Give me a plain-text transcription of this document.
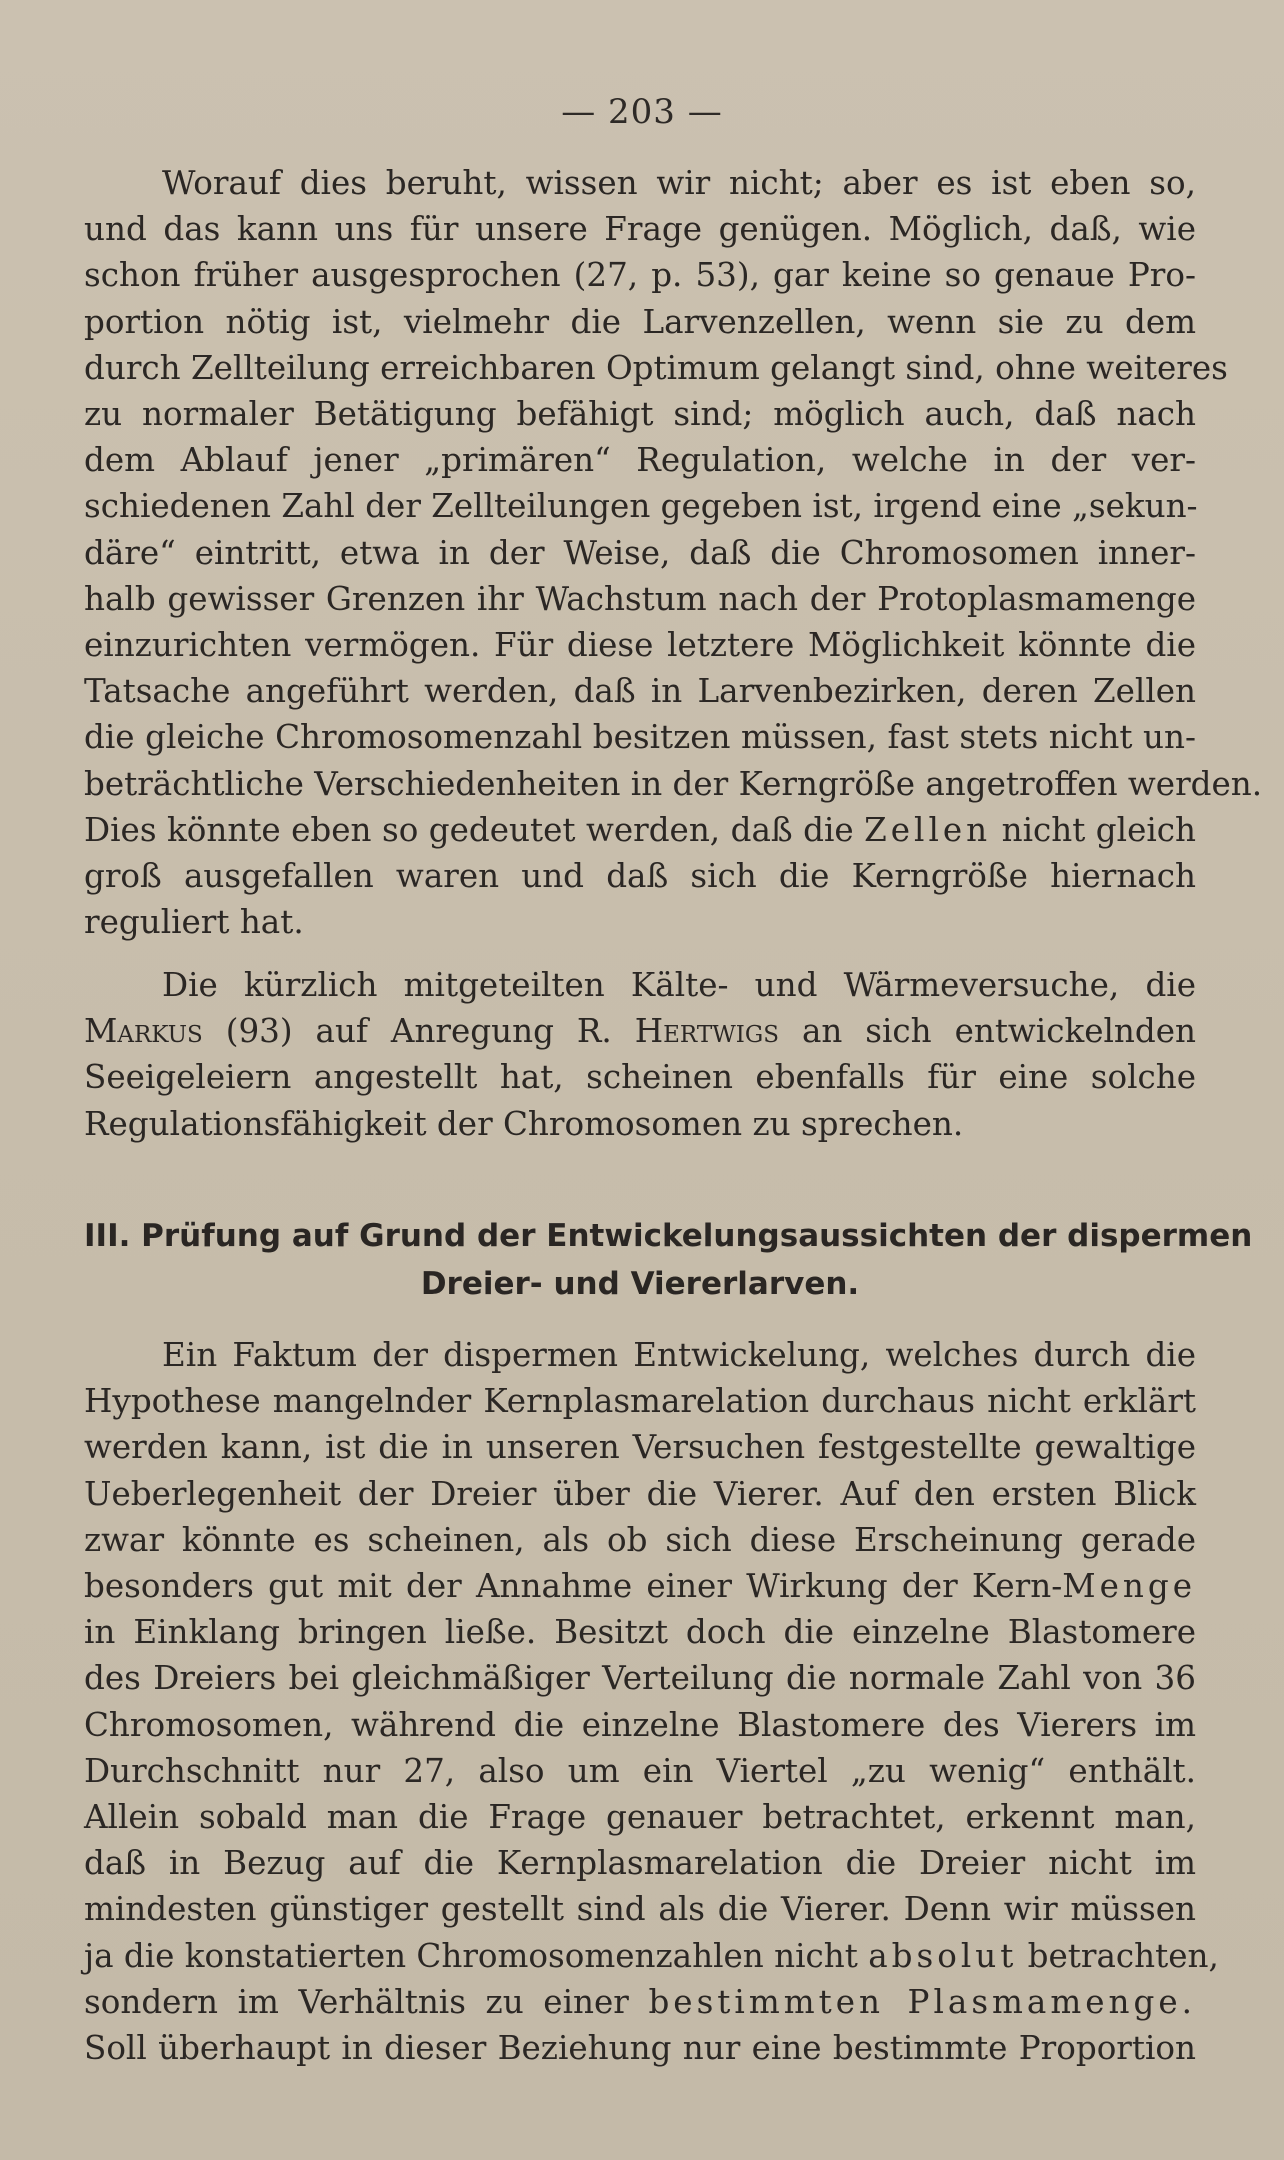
— 203 —
Worauf dies beruht, wissen wir nicht; aber es ist eben so,
und das kann uns für unsere Frage genügen. Möglich, daß, wie
schon früher ausgesprochen (27, p. 53), gar keine so genaue Pro-
portion nötig ist, vielmehr die Larvenzellen, wenn sie zu dem
durch Zellteilung erreichbaren Optimum gelangt sind, ohne weiteres
zu normaler Betätigung befähigt sind; möglich auch, daß nach
dem Ablauf jener „primären“ Regulation, welche in der ver-
schiedenen Zahl der Zellteilungen gegeben ist, irgend eine „sekun-
däre“ eintritt, etwa in der Weise, daß die Chromosomen inner-
halb gewisser Grenzen ihr Wachstum nach der Protoplasmamenge
einzurichten vermögen. Für diese letztere Möglichkeit könnte die
Tatsache angeführt werden, daß in Larvenbezirken, deren Zellen
die gleiche Chromosomenzahl besitzen müssen, fast stets nicht un-
beträchtliche Verschiedenheiten in der Kerngröße angetroffen werden.
Dies könnte eben so gedeutet werden, daß die Zellen nicht gleich
groß ausgefallen waren und daß sich die Kerngröße hiernach
reguliert hat.
Die kürzlich mitgeteilten Kälte- und Wärmeversuche, die
Markus (93) auf Anregung R. Hertwigs an sich entwickelnden
Seeigeleiern angestellt hat, scheinen ebenfalls für eine solche
Regulationsfähigkeit der Chromosomen zu sprechen.
III. Prüfung auf Grund der Entwickelungsaussichten der dispermen
Dreier- und Viererlarven.
Ein Faktum der dispermen Entwickelung, welches durch die
Hypothese mangelnder Kernplasmarelation durchaus nicht erklärt
werden kann, ist die in unseren Versuchen festgestellte gewaltige
Ueberlegenheit der Dreier über die Vierer. Auf den ersten Blick
zwar könnte es scheinen, als ob sich diese Erscheinung gerade
besonders gut mit der Annahme einer Wirkung der Kern-Menge
in Einklang bringen ließe. Besitzt doch die einzelne Blastomere
des Dreiers bei gleichmäßiger Verteilung die normale Zahl von 36
Chromosomen, während die einzelne Blastomere des Vierers im
Durchschnitt nur 27, also um ein Viertel „zu wenig“ enthält.
Allein sobald man die Frage genauer betrachtet, erkennt man,
daß in Bezug auf die Kernplasmarelation die Dreier nicht im
mindesten günstiger gestellt sind als die Vierer. Denn wir müssen
ja die konstatierten Chromosomenzahlen nicht absolut betrachten,
sondern im Verhältnis zu einer bestimmten Plasmamenge.
Soll überhaupt in dieser Beziehung nur eine bestimmte Proportion
